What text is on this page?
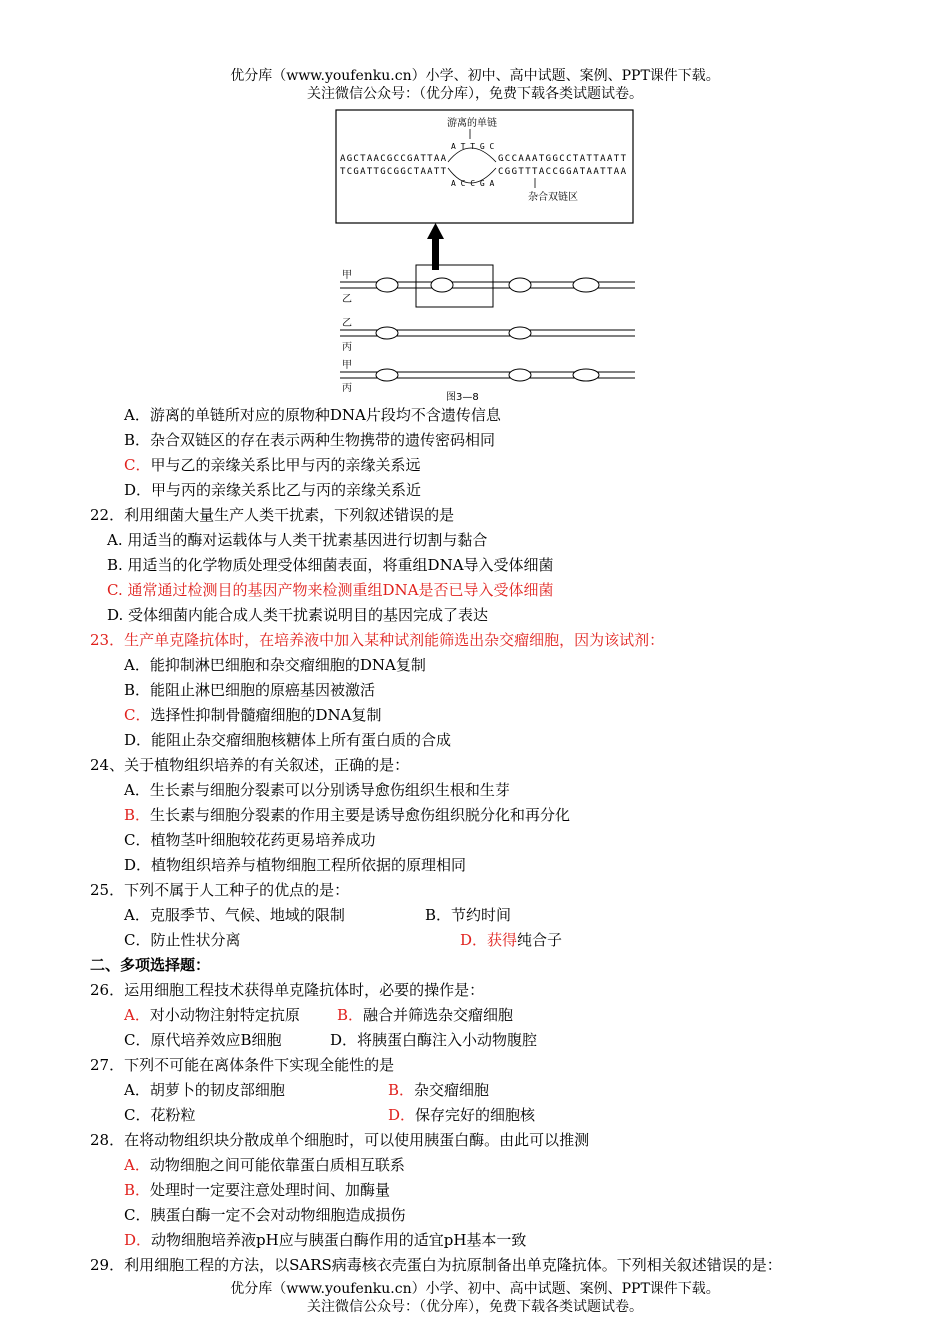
优分库（www.youfenku.cn）小学、初中、高中试题、案例、PPT课件下载。
关注微信公众号：（优分库），免费下载各类试题试卷。
游离的单链
AGCTAACGCCGATTAA
A T T G C
GCCAAATGGCCTATTAATT
TCGATTGCGGCTAATT
A C C G A
CGGTTTACCGGATAATTAA
杂合双链区
甲
乙
乙
丙
甲
丙
图3—8
A．游离的单链所对应的原物种DNA片段均不含遗传信息
B．杂合双链区的存在表示两种生物携带的遗传密码相同
C．甲与乙的亲缘关系比甲与丙的亲缘关系远
D．甲与丙的亲缘关系比乙与丙的亲缘关系近
22．利用细菌大量生产人类干扰素，下列叙述错误的是
A. 用适当的酶对运载体与人类干扰素基因进行切割与黏合
B. 用适当的化学物质处理受体细菌表面，将重组DNA导入受体细菌
C. 通常通过检测目的基因产物来检测重组DNA是否已导入受体细菌
D. 受体细菌内能合成人类干扰素说明目的基因完成了表达
23．生产单克隆抗体时，在培养液中加入某种试剂能筛选出杂交瘤细胞，因为该试剂：
A．能抑制淋巴细胞和杂交瘤细胞的DNA复制
B．能阻止淋巴细胞的原癌基因被激活
C．选择性抑制骨髓瘤细胞的DNA复制
D．能阻止杂交瘤细胞核糖体上所有蛋白质的合成
24、关于植物组织培养的有关叙述，正确的是：
A．生长素与细胞分裂素可以分别诱导愈伤组织生根和生芽
B．生长素与细胞分裂素的作用主要是诱导愈伤组织脱分化和再分化
C．植物茎叶细胞较花药更易培养成功
D．植物组织培养与植物细胞工程所依据的原理相同
25．下列不属于人工种子的优点的是：
A．克服季节、气候、地域的限制	B．节约时间
C．防止性状分离	D．获得纯合子
二、多项选择题：
26．运用细胞工程技术获得单克隆抗体时，必要的操作是：
A．对小动物注射特定抗原 B．融合并筛选杂交瘤细胞
C．原代培养效应B细胞	D．将胰蛋白酶注入小动物腹腔
27．下列不可能在离体条件下实现全能性的是
A．胡萝卜的韧皮部细胞	B．杂交瘤细胞
C．花粉粒	D．保存完好的细胞核
28．在将动物组织块分散成单个细胞时，可以使用胰蛋白酶。由此可以推测
A．动物细胞之间可能依靠蛋白质相互联系
B．处理时一定要注意处理时间、加酶量
C．胰蛋白酶一定不会对动物细胞造成损伤
D．动物细胞培养液pH应与胰蛋白酶作用的适宜pH基本一致
29．利用细胞工程的方法，以SARS病毒核衣壳蛋白为抗原制备出单克隆抗体。下列相关叙述错误的是：
优分库（www.youfenku.cn）小学、初中、高中试题、案例、PPT课件下载。
关注微信公众号：（优分库），免费下载各类试题试卷。
